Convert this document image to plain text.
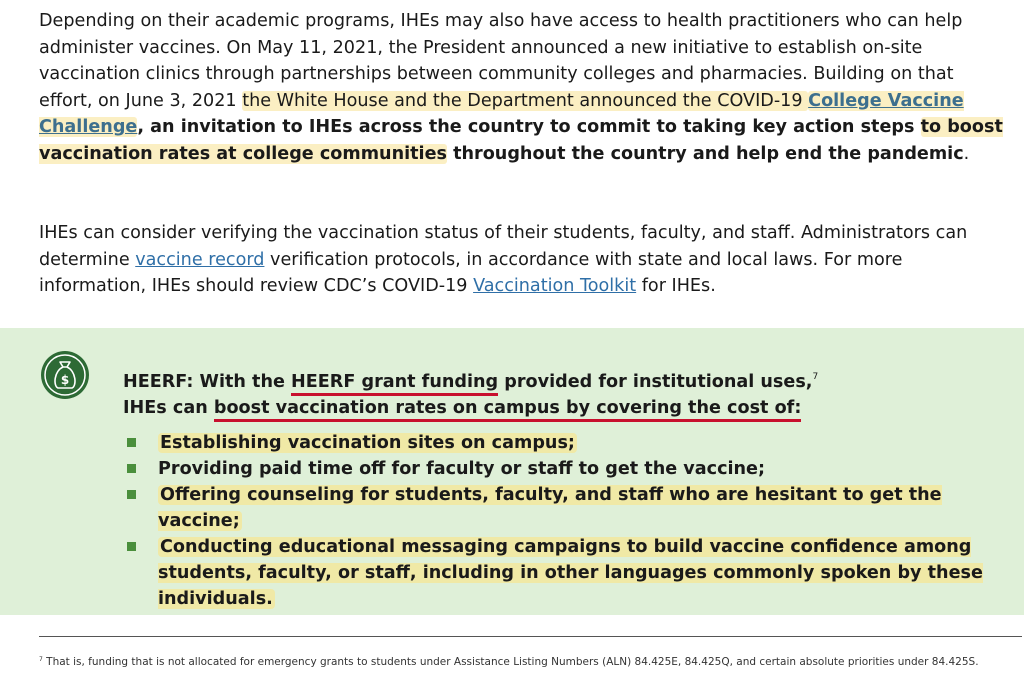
Depending on their academic programs, IHEs may also have access to health practitioners who can help administer vaccines. On May 11, 2021, the President announced a new initiative to establish on-site vaccination clinics through partnerships between community colleges and pharmacies. Building on that effort, on June 3, 2021 the White House and the Department announced the COVID-19 College Vaccine Challenge, an invitation to IHEs across the country to commit to taking key action steps to boost vaccination rates at college communities throughout the country and help end the pandemic.

IHEs can consider verifying the vaccination status of their students, faculty, and staff. Administrators can determine vaccine record verification protocols, in accordance with state and local laws. For more information, IHEs should review CDC’s COVID-19 Vaccination Toolkit for IHEs.

$	HEERF: With the HEERF grant funding provided for institutional uses,$^7$
IHEs can boost vaccination rates on campus by covering the cost of:
Establishing vaccination sites on campus;
Providing paid time off for faculty or staff to get the vaccine;
Offering counseling for students, faculty, and staff who are hesitant to get the vaccine;
Conducting educational messaging campaigns to build vaccine confidence among students, faculty, or staff, including in other languages commonly spoken by these individuals.

$^7$ That is, funding that is not allocated for emergency grants to students under Assistance Listing Numbers (ALN) 84.425E, 84.425Q, and certain absolute priorities under 84.425S.
